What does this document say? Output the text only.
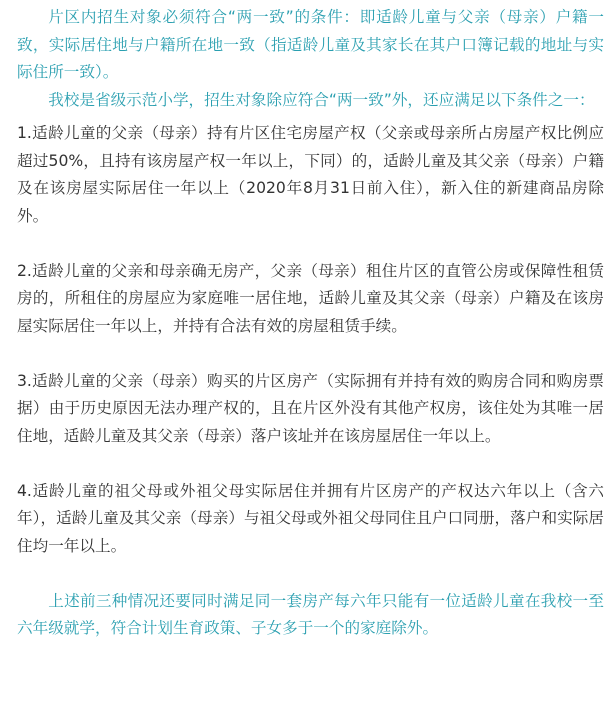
片区内招生对象必须符合“两一致”的条件：即适龄儿童与父亲（母亲）户籍一致，实际居住地与户籍所在地一致（指适龄儿童及其家长在其户口簿记载的地址与实际住所一致）。

我校是省级示范小学，招生对象除应符合“两一致”外，还应满足以下条件之一：

1.适龄儿童的父亲（母亲）持有片区住宅房屋产权（父亲或母亲所占房屋产权比例应超过50%，且持有该房屋产权一年以上，下同）的，适龄儿童及其父亲（母亲）户籍及在该房屋实际居住一年以上（2020年8月31日前入住），新入住的新建商品房除外。

2.适龄儿童的父亲和母亲确无房产，父亲（母亲）租住片区的直管公房或保障性租赁房的，所租住的房屋应为家庭唯一居住地，适龄儿童及其父亲（母亲）户籍及在该房屋实际居住一年以上，并持有合法有效的房屋租赁手续。

3.适龄儿童的父亲（母亲）购买的片区房产（实际拥有并持有效的购房合同和购房票据）由于历史原因无法办理产权的，且在片区外没有其他产权房，该住处为其唯一居住地，适龄儿童及其父亲（母亲）落户该址并在该房屋居住一年以上。

4.适龄儿童的祖父母或外祖父母实际居住并拥有片区房产的产权达六年以上（含六年），适龄儿童及其父亲（母亲）与祖父母或外祖父母同住且户口同册，落户和实际居住均一年以上。

上述前三种情况还要同时满足同一套房产每六年只能有一位适龄儿童在我校一至六年级就学，符合计划生育政策、子女多于一个的家庭除外。
